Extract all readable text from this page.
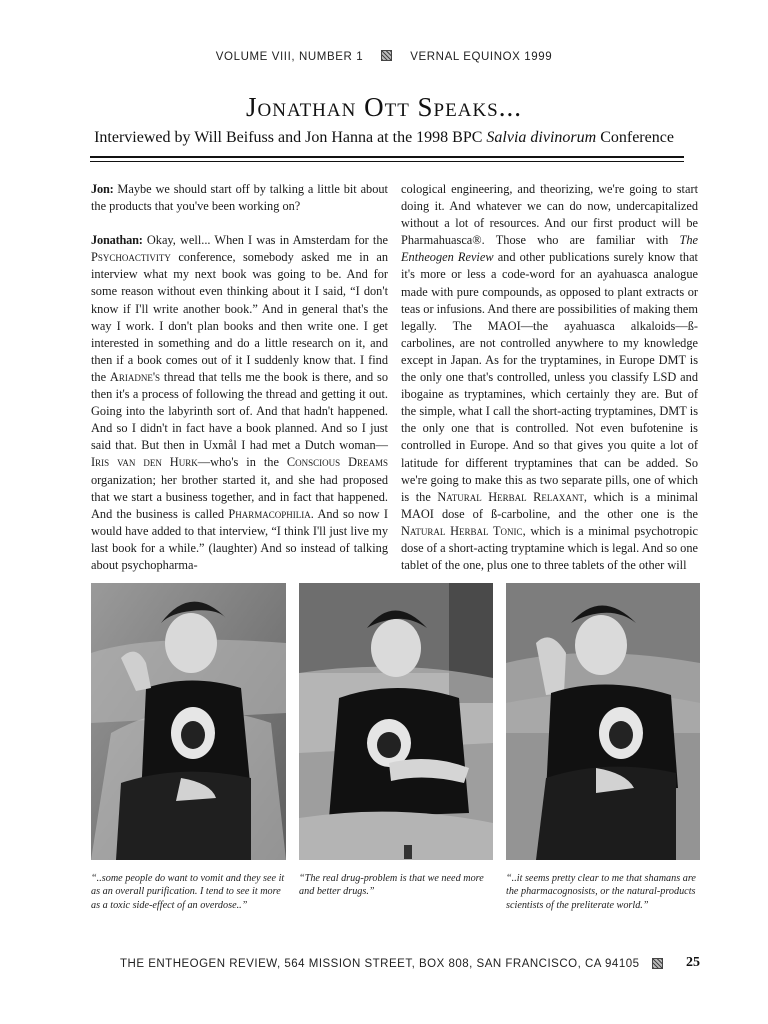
VOLUME VIII, NUMBER 1	VERNAL EQUINOX 1999
Jonathan Ott Speaks...
Interviewed by Will Beifuss and Jon Hanna at the 1998 BPC Salvia divinorum Conference

Jon: Maybe we should start off by talking a little bit about the products that you've been working on?

Jonathan: Okay, well... When I was in Amsterdam for the Psychoactivity conference, somebody asked me in an interview what my next book was going to be. And for some reason without even thinking about it I said, “I don't know if I'll write another book.” And in general that's the way I work. I don't plan books and then write one. I get interested in something and do a little research on it, and then if a book comes out of it I suddenly know that. I find the Ariadne's thread that tells me the book is there, and so then it's a process of following the thread and getting it out. Going into the labyrinth sort of. And that hadn't happened. And so I didn't in fact have a book planned. And so I just said that. But then in Uxmål I had met a Dutch woman—Iris van den Hurk—who's in the Conscious Dreams organization; her brother started it, and she had proposed that we start a business together, and in fact that happened. And the business is called Pharmacophilia. And so now I would have added to that interview, “I think I'll just live my last book for a while.” (laughter) And so instead of talking about psychopharma-

cological engineering, and theorizing, we're going to start doing it. And whatever we can do now, undercapitalized without a lot of resources. And our first product will be Pharmahuasca®. Those who are familiar with The Entheogen Review and other publications surely know that it's more or less a code-word for an ayahuasca analogue made with pure compounds, as opposed to plant extracts or teas or infusions. And there are possibilities of making them legally. The MAOI—the ayahuasca alkaloids—ß-carbolines, are not controlled anywhere to my knowledge except in Japan. As for the tryptamines, in Europe DMT is the only one that's controlled, unless you classify LSD and ibogaine as tryptamines, which certainly they are. But of the simple, what I call the short-acting tryptamines, DMT is the only one that is controlled. Not even bufotenine is controlled in Europe. And so that gives you quite a lot of latitude for different tryptamines that can be added. So we're going to make this as two separate pills, one of which is the Natural Herbal Relaxant, which is a minimal MAOI dose of ß-carboline, and the other one is the Natural Herbal Tonic, which is a minimal psychotropic dose of a short-acting tryptamine which is legal. And so one tablet of the one, plus one to three tablets of the other will

“..some people do want to vomit and they see it as an overall purification. I tend to see it more as a toxic side-effect of an overdose..”
“The real drug-problem is that we need more and better drugs.”
“..it seems pretty clear to me that shamans are the pharmacognosists, or the natural-products scientists of the preliterate world.”
THE ENTHEOGEN REVIEW, 564 MISSION STREET, BOX 808, SAN FRANCISCO, CA 94105	25
